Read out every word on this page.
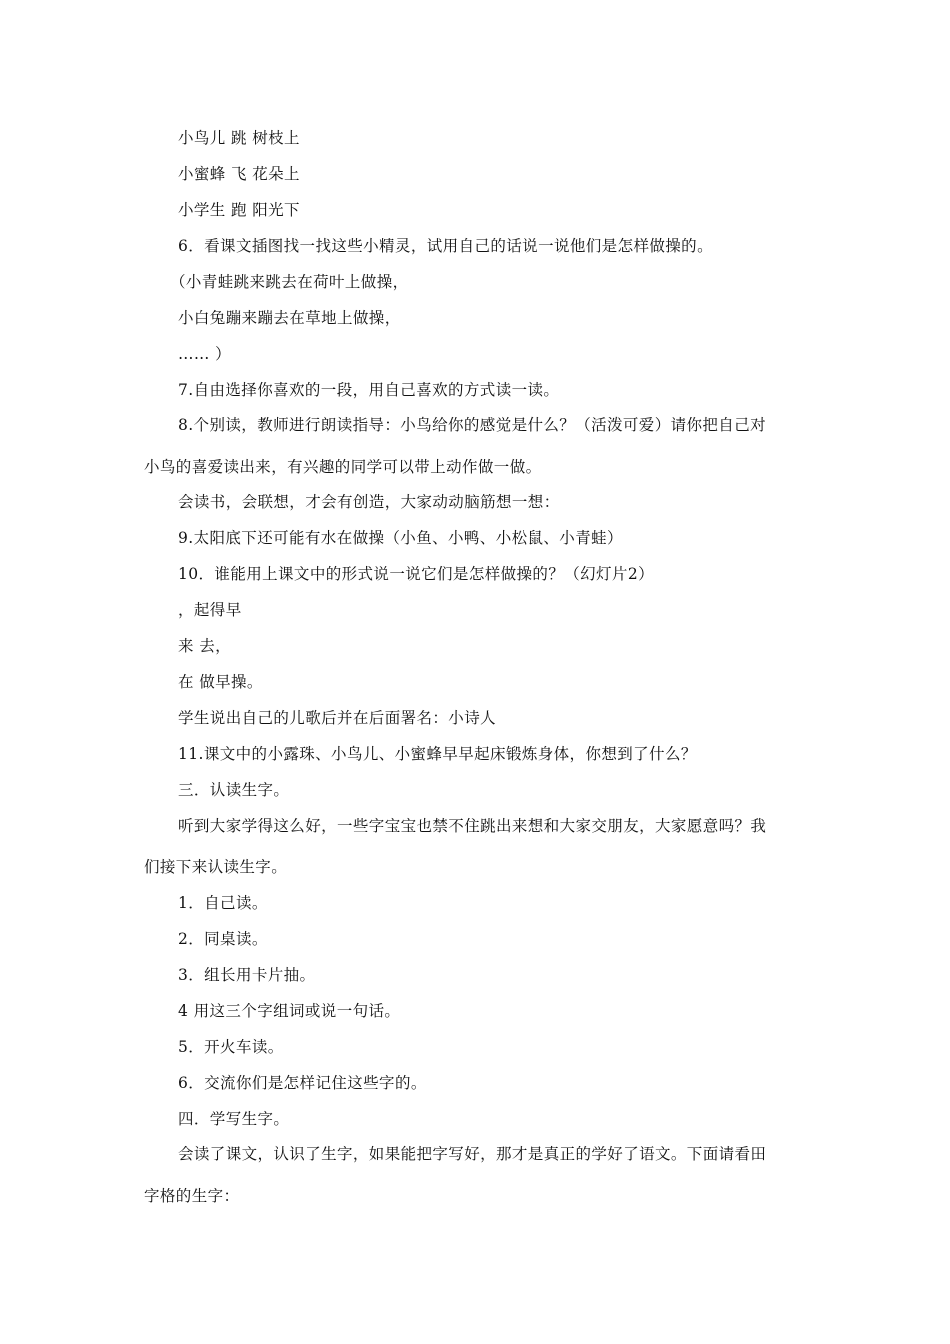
小鸟儿 跳 树枝上

小蜜蜂 飞 花朵上

小学生 跑 阳光下

6．看课文插图找一找这些小精灵，试用自己的话说一说他们是怎样做操的。

（小青蛙跳来跳去在荷叶上做操，

小白兔蹦来蹦去在草地上做操，

…… ）

7.自由选择你喜欢的一段，用自己喜欢的方式读一读。

8.个别读，教师进行朗读指导：小鸟给你的感觉是什么？（活泼可爱）请你把自己对

小鸟的喜爱读出来，有兴趣的同学可以带上动作做一做。

会读书，会联想，才会有创造，大家动动脑筋想一想：

9.太阳底下还可能有水在做操（小鱼、小鸭、小松鼠、小青蛙）

10．谁能用上课文中的形式说一说它们是怎样做操的？（幻灯片2）

，起得早

来 去，

在 做早操。

学生说出自己的儿歌后并在后面署名：小诗人

11.课文中的小露珠、小鸟儿、小蜜蜂早早起床锻炼身体，你想到了什么？

三．认读生字。

听到大家学得这么好，一些字宝宝也禁不住跳出来想和大家交朋友，大家愿意吗？我

们接下来认读生字。

1．自己读。

2．同桌读。

3．组长用卡片抽。

4 用这三个字组词或说一句话。

5．开火车读。

6．交流你们是怎样记住这些字的。

四．学写生字。

会读了课文，认识了生字，如果能把字写好，那才是真正的学好了语文。下面请看田

字格的生字：
